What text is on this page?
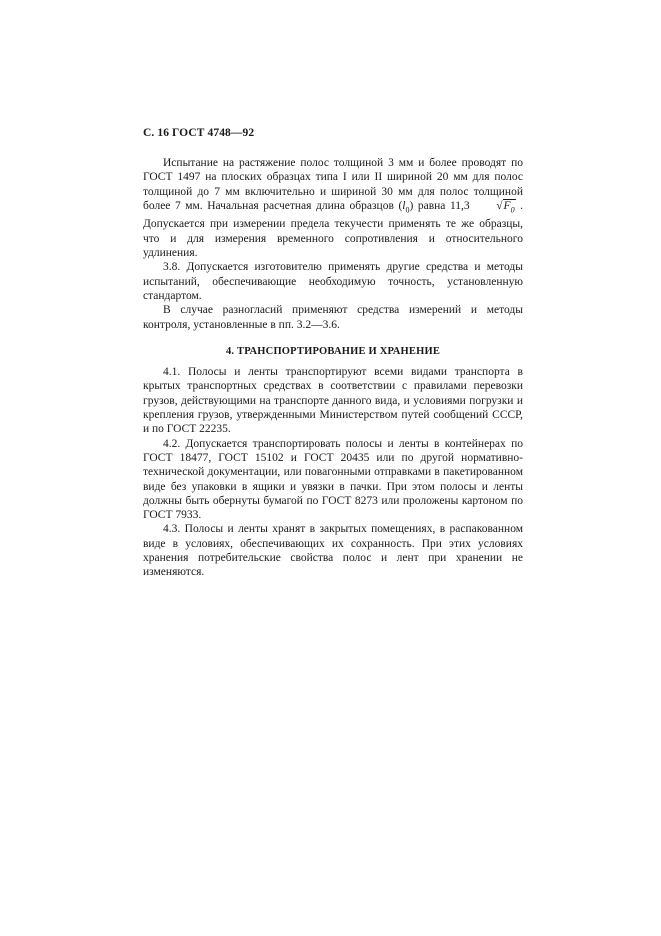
С. 16 ГОСТ 4748—92

Испытание на растяжение полос толщиной 3 мм и более проводят по ГОСТ 1497 на плоских образцах типа I или II шириной 20 мм для полос толщиной до 7 мм включительно и шириной 30 мм для полос толщиной более 7 мм. Начальная расчетная длина образцов $(l_0)$ равна 11,3 $√F_0$ . Допускается при измерении предела текучести применять те же образцы, что и для измерения временного сопротивления и относительного удлинения.

3.8. Допускается изготовителю применять другие средства и методы испытаний, обеспечивающие необходимую точность, установленную стандартом.

В случае разногласий применяют средства измерений и методы контроля, установленные в пп. 3.2—3.6.

4. ТРАНСПОРТИРОВАНИЕ И ХРАНЕНИЕ

4.1. Полосы и ленты транспортируют всеми видами транспорта в крытых транспортных средствах в соответствии с правилами перевозки грузов, действующими на транспорте данного вида, и условиями погрузки и крепления грузов, утвержденными Министерством путей сообщений СССР, и по ГОСТ 22235.

4.2. Допускается транспортировать полосы и ленты в контейнерах по ГОСТ 18477, ГОСТ 15102 и ГОСТ 20435 или по другой нормативно-технической документации, или повагонными отправками в пакетированном виде без упаковки в ящики и увязки в пачки. При этом полосы и ленты должны быть обернуты бумагой по ГОСТ 8273 или проложены картоном по ГОСТ 7933.

4.3. Полосы и ленты хранят в закрытых помещениях, в распакованном виде в условиях, обеспечивающих их сохранность. При этих условиях хранения потребительские свойства полос и лент при хранении не изменяются.
